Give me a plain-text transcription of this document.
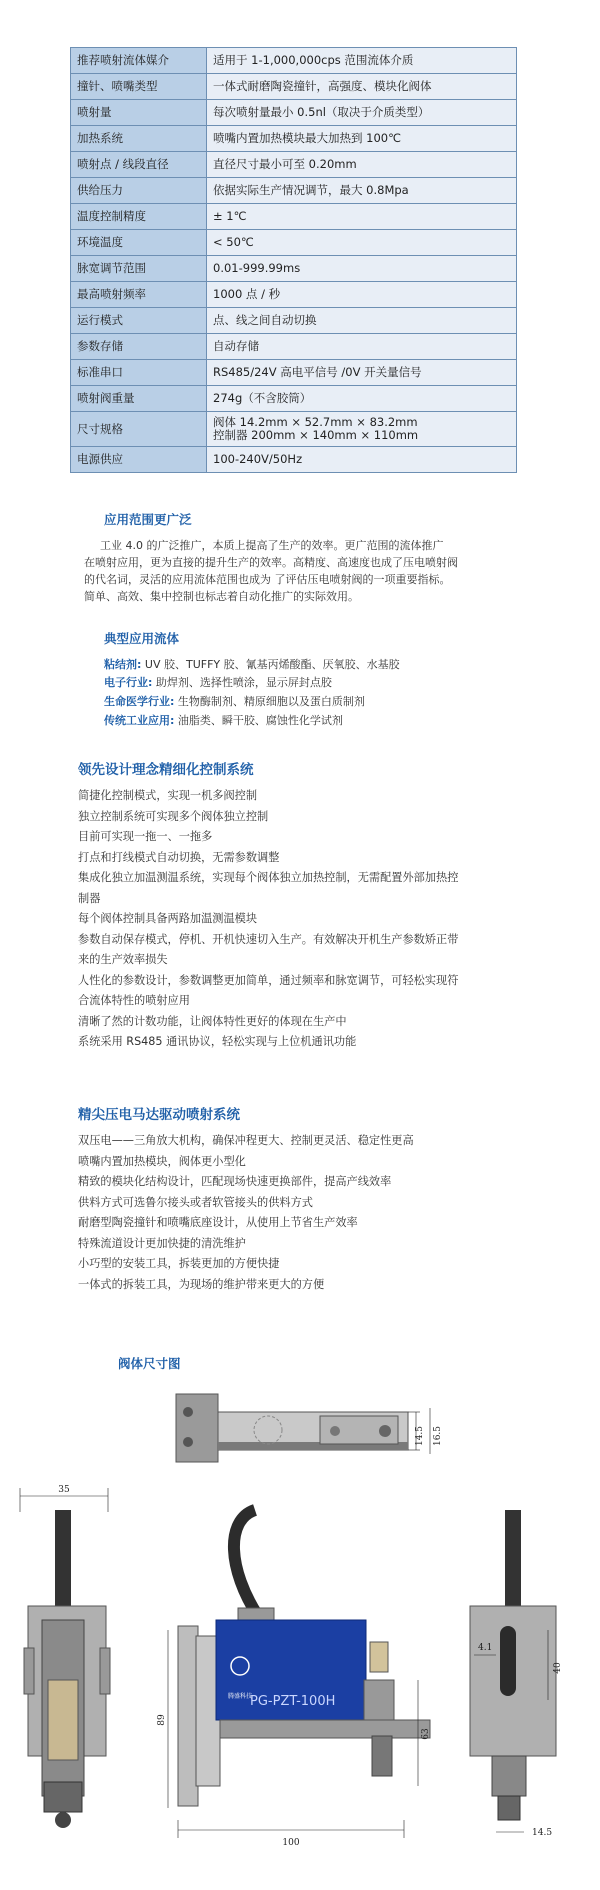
推荐喷射流体媒介	适用于 1-1,000,000cps 范围流体介质

撞针、喷嘴类型	一体式耐磨陶瓷撞针，高强度、模块化阀体

喷射量	每次喷射量最小 0.5nl（取决于介质类型）

加热系统	喷嘴内置加热模块最大加热到 100℃

喷射点 / 线段直径	直径尺寸最小可至 0.20mm

供给压力	依据实际生产情况调节，最大 0.8Mpa

温度控制精度	± 1℃

环境温度	< 50℃

脉宽调节范围	0.01-999.99ms

最高喷射频率	1000 点 / 秒

运行模式	点、线之间自动切换

参数存储	自动存储

标准串口	RS485/24V 高电平信号 /0V 开关量信号

喷射阀重量	274g（不含胶筒）

尺寸规格	阀体 14.2mm × 52.7mm × 83.2mm
控制器 200mm × 140mm × 110mm

电源供应	100-240V/50Hz
应用范围更广泛
工业 4.0 的广泛推广，本质上提高了生产的效率。更广范围的流体推广
在喷射应用，更为直接的提升生产的效率。高精度、高速度也成了压电喷射阀
的代名词，灵活的应用流体范围也成为 了评估压电喷射阀的一项重要指标。
简单、高效、集中控制也标志着自动化推广的实际效用。
典型应用流体
粘结剂: UV 胶、TUFFY 胶、氰基丙烯酸酯、厌氧胶、水基胶
电子行业: 助焊剂、选择性喷涂，显示屏封点胶
生命医学行业: 生物酶制剂、精原细胞以及蛋白质制剂
传统工业应用: 油脂类、瞬干胶、腐蚀性化学试剂
领先设计理念精细化控制系统
简捷化控制模式，实现一机多阀控制
独立控制系统可实现多个阀体独立控制
目前可实现一拖一、一拖多
打点和打线模式自动切换，无需参数调整
集成化独立加温测温系统，实现每个阀体独立加热控制，无需配置外部加热控
制器
每个阀体控制具备两路加温测温模块
参数自动保存模式，停机、开机快速切入生产。有效解决开机生产参数矫正带
来的生产效率损失
人性化的参数设计，参数调整更加简单，通过频率和脉宽调节，可轻松实现符
合流体特性的喷射应用
清晰了然的计数功能，让阀体特性更好的体现在生产中
系统采用 RS485 通讯协议，轻松实现与上位机通讯功能
精尖压电马达驱动喷射系统
双压电——三角放大机构，确保冲程更大、控制更灵活、稳定性更高
喷嘴内置加热模块，阀体更小型化
精致的模块化结构设计，匹配现场快速更换部件，提高产线效率
供料方式可选鲁尔接头或者软管接头的供料方式
耐磨型陶瓷撞针和喷嘴底座设计，从使用上节省生产效率
特殊流道设计更加快捷的清洗维护
小巧型的安装工具，拆装更加的方便快捷
一体式的拆装工具，为现场的维护带来更大的方便
阀体尺寸图
14.5 16.5
35
腾盛科技
PG-PZT-100H
89
63
100
4.1
40
14.5
